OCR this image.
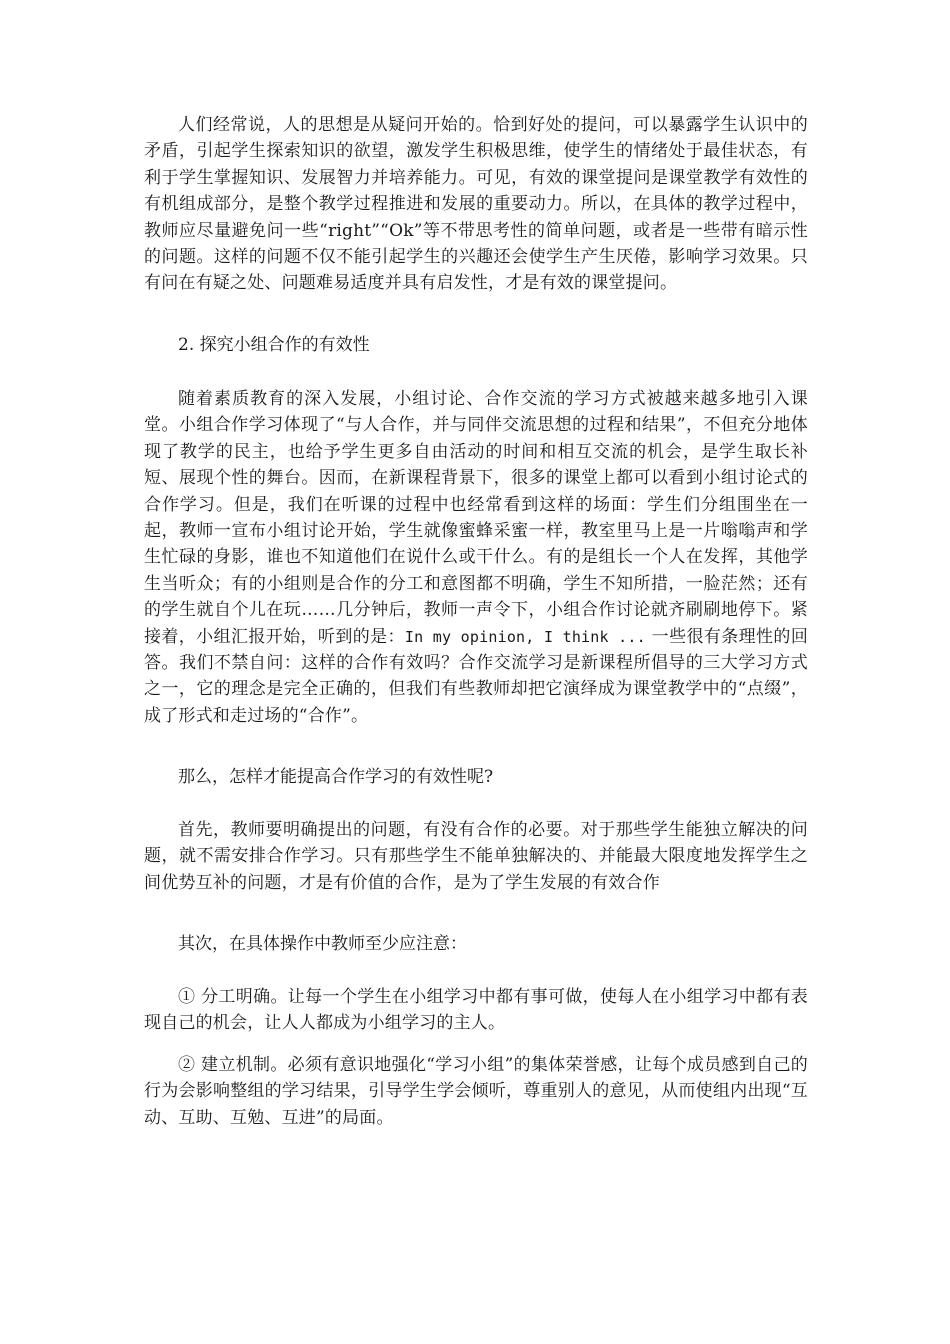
人们经常说，人的思想是从疑问开始的。恰到好处的提问，可以暴露学生认识中的矛盾，引起学生探索知识的欲望，激发学生积极思维，使学生的情绪处于最佳状态，有利于学生掌握知识、发展智力并培养能力。可见，有效的课堂提问是课堂教学有效性的有机组成部分，是整个教学过程推进和发展的重要动力。所以，在具体的教学过程中，教师应尽量避免问一些“right”“Ok”等不带思考性的简单问题，或者是一些带有暗示性的问题。这样的问题不仅不能引起学生的兴趣还会使学生产生厌倦，影响学习效果。只有问在有疑之处、问题难易适度并具有启发性，才是有效的课堂提问。

2. 探究小组合作的有效性

随着素质教育的深入发展，小组讨论、合作交流的学习方式被越来越多地引入课堂。小组合作学习体现了“与人合作，并与同伴交流思想的过程和结果”，不但充分地体现了教学的民主，也给予学生更多自由活动的时间和相互交流的机会，是学生取长补短、展现个性的舞台。因而，在新课程背景下，很多的课堂上都可以看到小组讨论式的合作学习。但是，我们在听课的过程中也经常看到这样的场面：学生们分组围坐在一起，教师一宣布小组讨论开始，学生就像蜜蜂采蜜一样，教室里马上是一片嗡嗡声和学生忙碌的身影，谁也不知道他们在说什么或干什么。有的是组长一个人在发挥，其他学生当听众；有的小组则是合作的分工和意图都不明确，学生不知所措，一脸茫然；还有的学生就自个儿在玩……几分钟后，教师一声令下，小组合作讨论就齐刷刷地停下。紧接着，小组汇报开始，听到的是：In my opinion, I think ... 一些很有条理性的回答。我们不禁自问：这样的合作有效吗？合作交流学习是新课程所倡导的三大学习方式之一，它的理念是完全正确的，但我们有些教师却把它演绎成为课堂教学中的“点缀”，成了形式和走过场的“合作”。

那么，怎样才能提高合作学习的有效性呢?

首先，教师要明确提出的问题，有没有合作的必要。对于那些学生能独立解决的问题，就不需安排合作学习。只有那些学生不能单独解决的、并能最大限度地发挥学生之间优势互补的问题，才是有价值的合作，是为了学生发展的有效合作

其次，在具体操作中教师至少应注意：

① 分工明确。让每一个学生在小组学习中都有事可做，使每人在小组学习中都有表现自己的机会，让人人都成为小组学习的主人。

② 建立机制。必须有意识地强化“学习小组”的集体荣誉感，让每个成员感到自己的行为会影响整组的学习结果，引导学生学会倾听，尊重别人的意见，从而使组内出现“互动、互助、互勉、互进”的局面。
